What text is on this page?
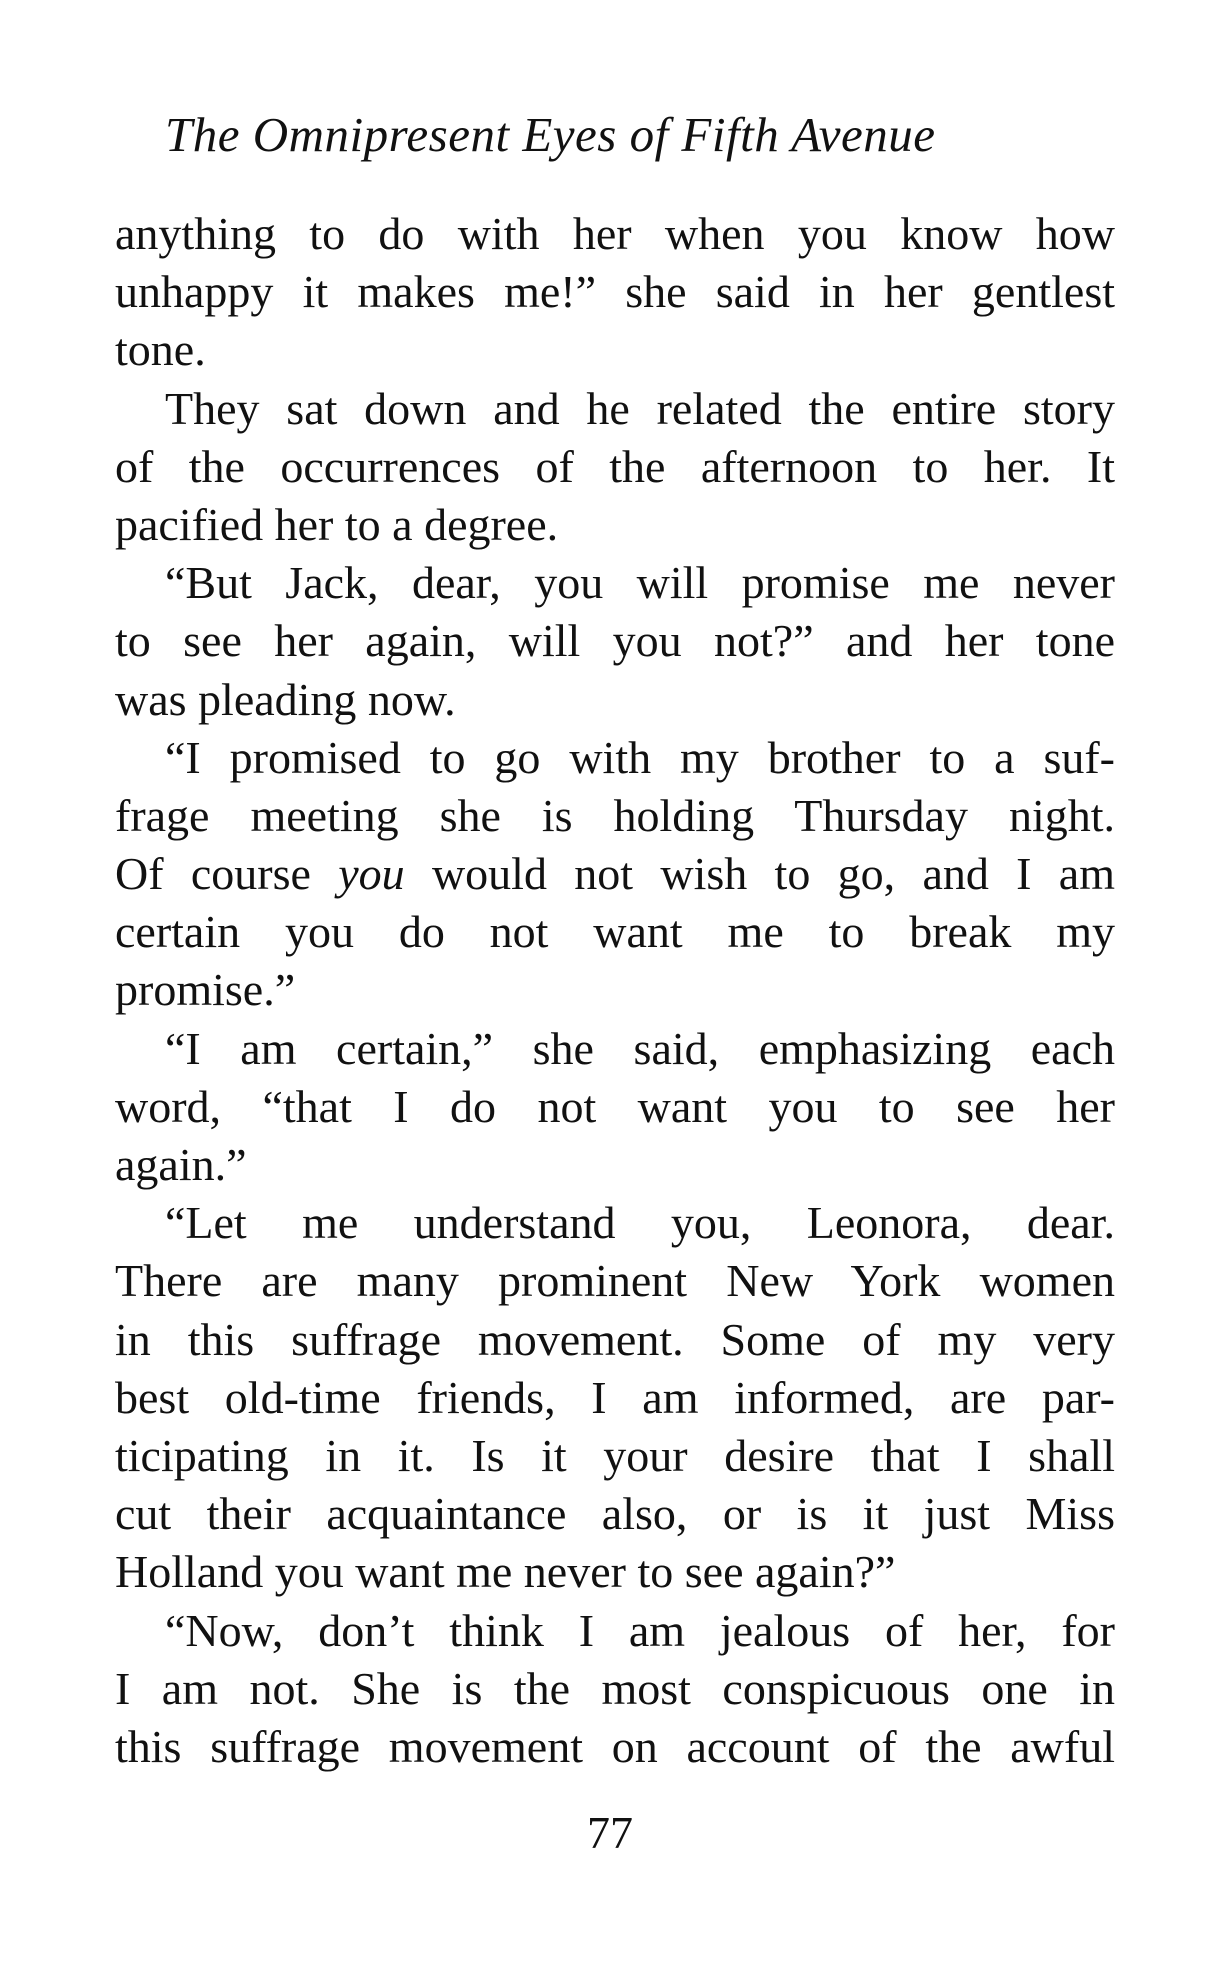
The Omnipresent Eyes of Fifth Avenue
anything to do with her when you know how
unhappy it makes me!” she said in her gentlest
tone.
They sat down and he related the entire story
of the occurrences of the afternoon to her. It
pacified her to a degree.
“But Jack, dear, you will promise me never
to see her again, will you not?” and her tone
was pleading now.
“I promised to go with my brother to a suf-
frage meeting she is holding Thursday night.
Of course you would not wish to go, and I am
certain you do not want me to break my
promise.”
“I am certain,” she said, emphasizing each
word, “that I do not want you to see her
again.”
“Let me understand you, Leonora, dear.
There are many prominent New York women
in this suffrage movement. Some of my very
best old-time friends, I am informed, are par-
ticipating in it. Is it your desire that I shall
cut their acquaintance also, or is it just Miss
Holland you want me never to see again?”
“Now, don’t think I am jealous of her, for
I am not. She is the most conspicuous one in
this suffrage movement on account of the awful
77
